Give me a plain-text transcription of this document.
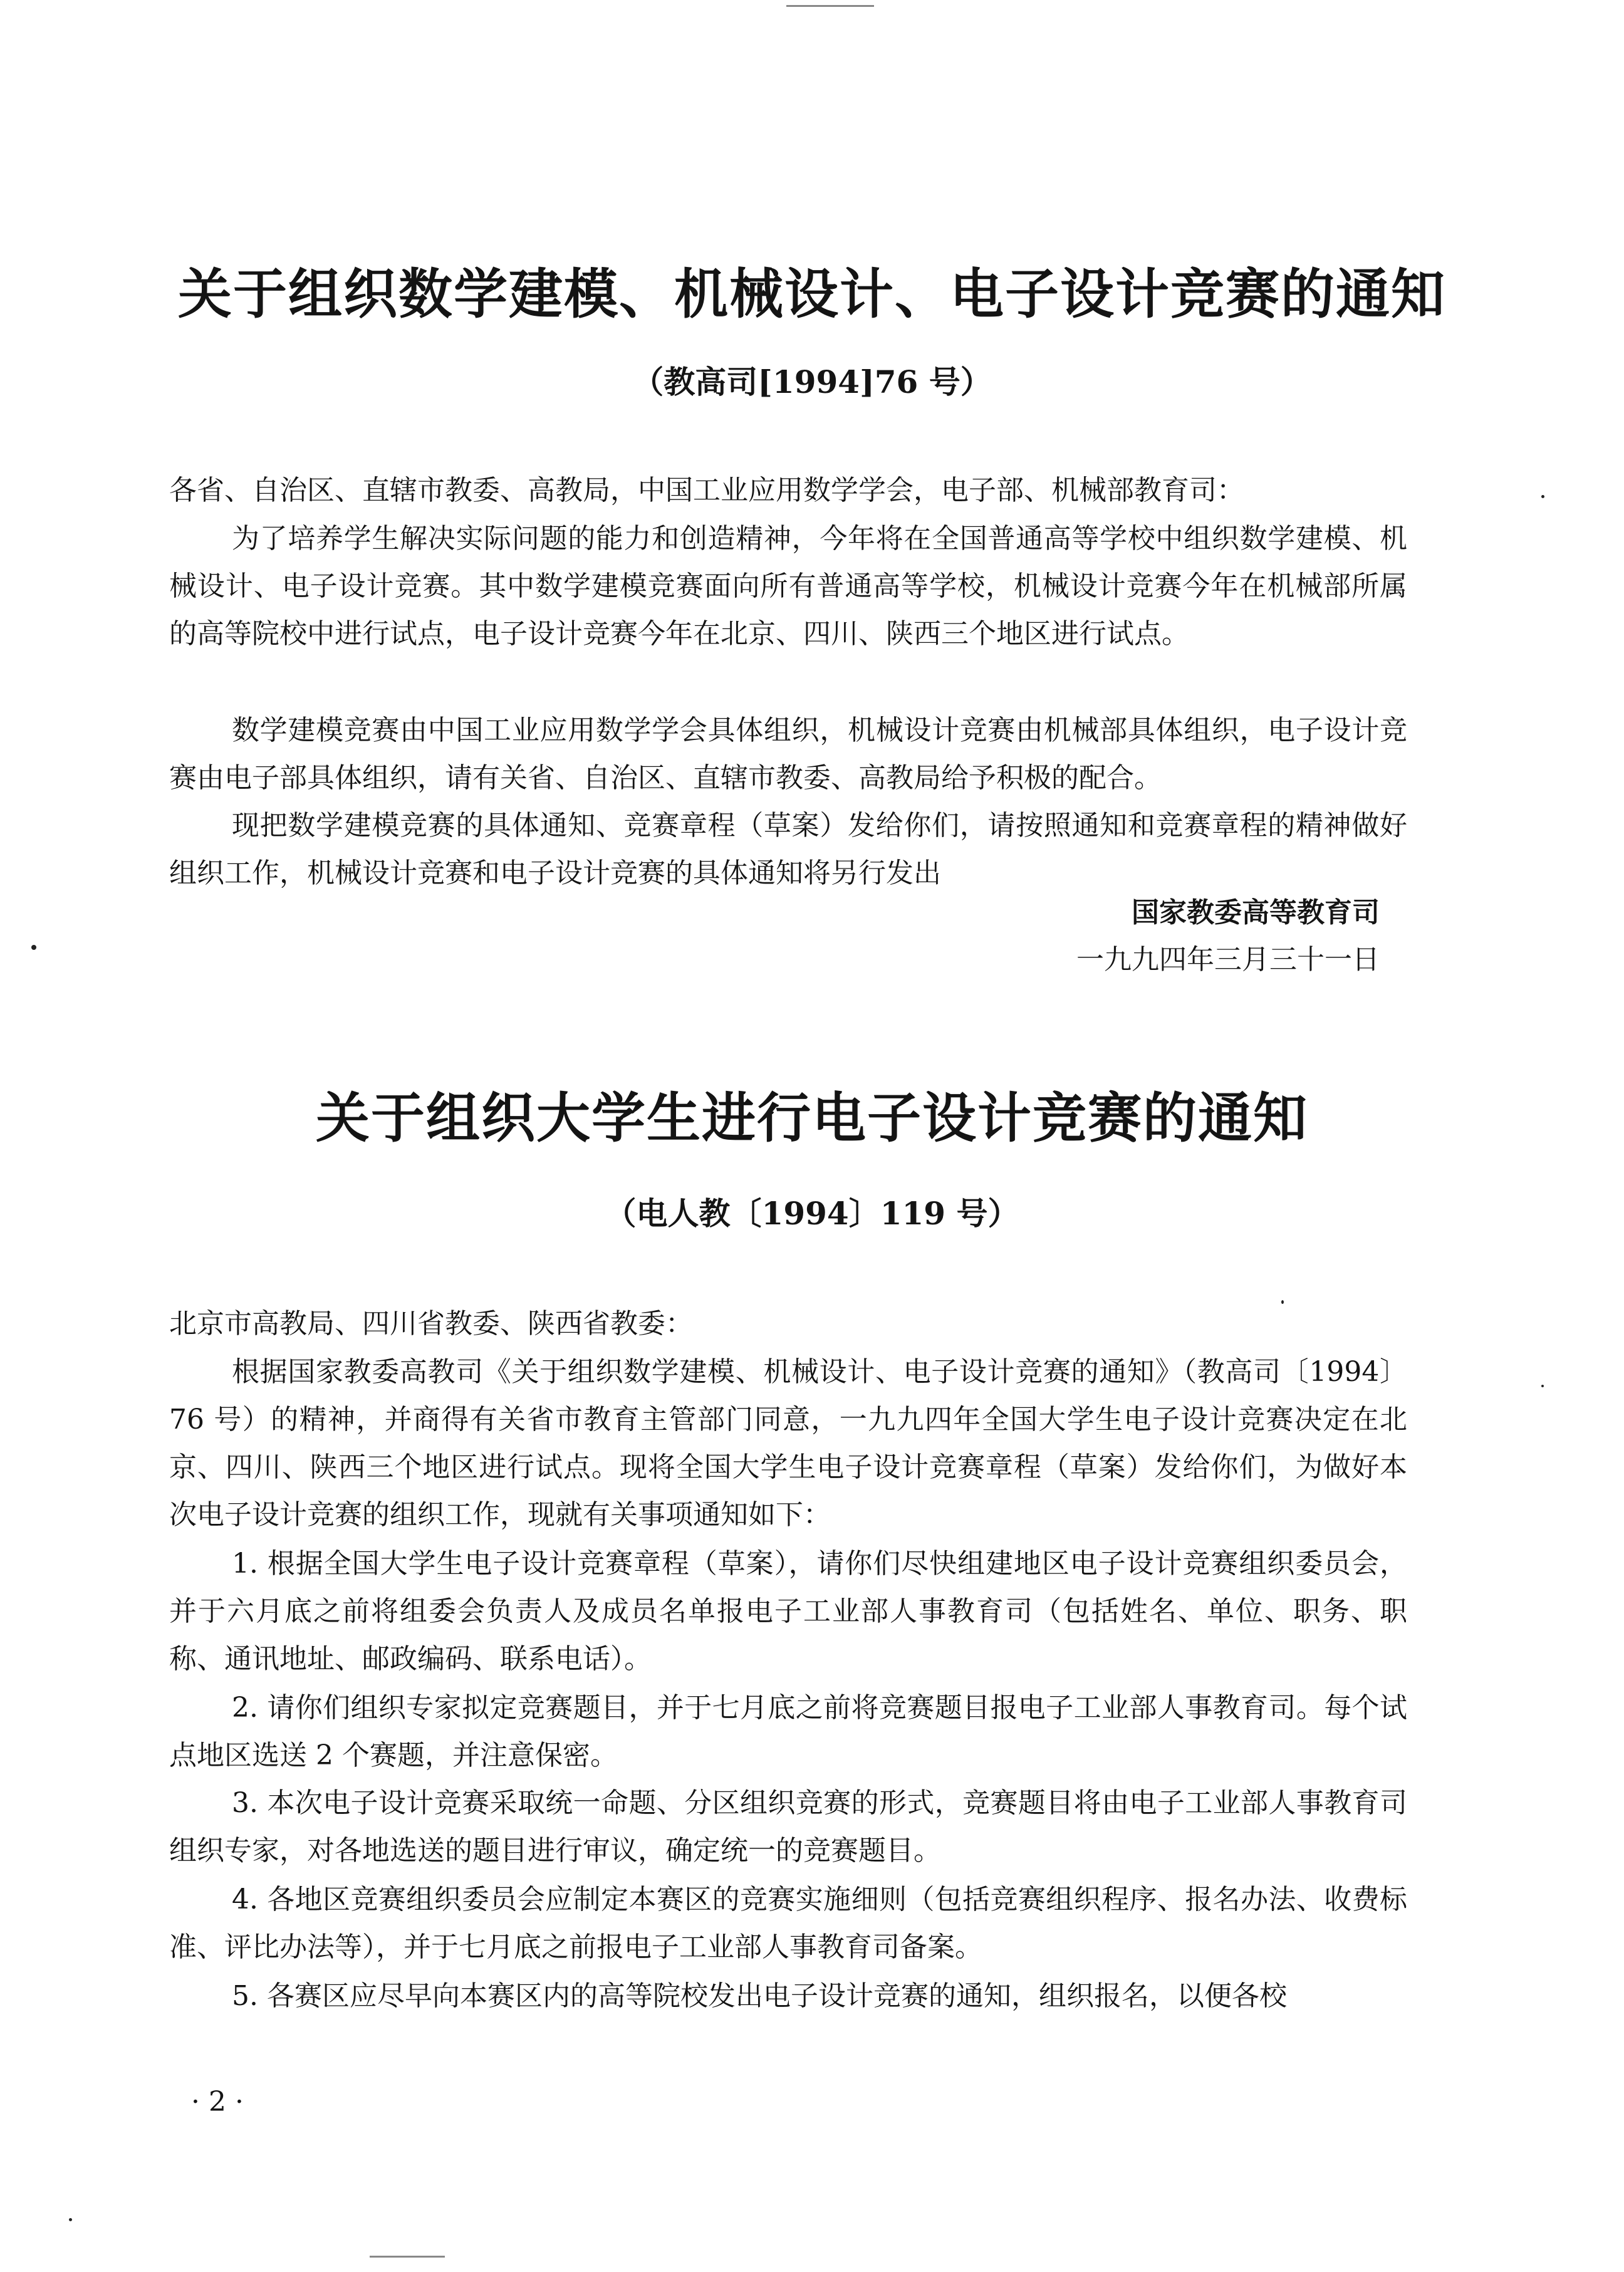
关于组织数学建模、机械设计、电子设计竞赛的通知
（教高司[1994]76 号）

各省、自治区、直辖市教委、高教局，中国工业应用数学学会，电子部、机械部教育司：

为了培养学生解决实际问题的能力和创造精神，今年将在全国普通高等学校中组织数学建模、机械设计、电子设计竞赛。其中数学建模竞赛面向所有普通高等学校，机械设计竞赛今年在机械部所属的高等院校中进行试点，电子设计竞赛今年在北京、四川、陕西三个地区进行试点。

数学建模竞赛由中国工业应用数学学会具体组织，机械设计竞赛由机械部具体组织，电子设计竞赛由电子部具体组织，请有关省、自治区、直辖市教委、高教局给予积极的配合。

现把数学建模竞赛的具体通知、竞赛章程（草案）发给你们，请按照通知和竞赛章程的精神做好组织工作，机械设计竞赛和电子设计竞赛的具体通知将另行发出

国家教委高等教育司
一九九四年三月三十一日
关于组织大学生进行电子设计竞赛的通知
（电人教〔1994〕119 号）

北京市高教局、四川省教委、陕西省教委：

根据国家教委高教司《关于组织数学建模、机械设计、电子设计竞赛的通知》（教高司〔1994〕76 号）的精神，并商得有关省市教育主管部门同意，一九九四年全国大学生电子设计竞赛决定在北京、四川、陕西三个地区进行试点。现将全国大学生电子设计竞赛章程（草案）发给你们，为做好本次电子设计竞赛的组织工作，现就有关事项通知如下：

1. 根据全国大学生电子设计竞赛章程（草案），请你们尽快组建地区电子设计竞赛组织委员会，并于六月底之前将组委会负责人及成员名单报电子工业部人事教育司（包括姓名、单位、职务、职称、通讯地址、邮政编码、联系电话）。

2. 请你们组织专家拟定竞赛题目，并于七月底之前将竞赛题目报电子工业部人事教育司。每个试点地区选送 2 个赛题，并注意保密。

3. 本次电子设计竞赛采取统一命题、分区组织竞赛的形式，竞赛题目将由电子工业部人事教育司组织专家，对各地选送的题目进行审议，确定统一的竞赛题目。

4. 各地区竞赛组织委员会应制定本赛区的竞赛实施细则（包括竞赛组织程序、报名办法、收费标准、评比办法等），并于七月底之前报电子工业部人事教育司备案。

5. 各赛区应尽早向本赛区内的高等院校发出电子设计竞赛的通知，组织报名，以便各校

· 2 ·
